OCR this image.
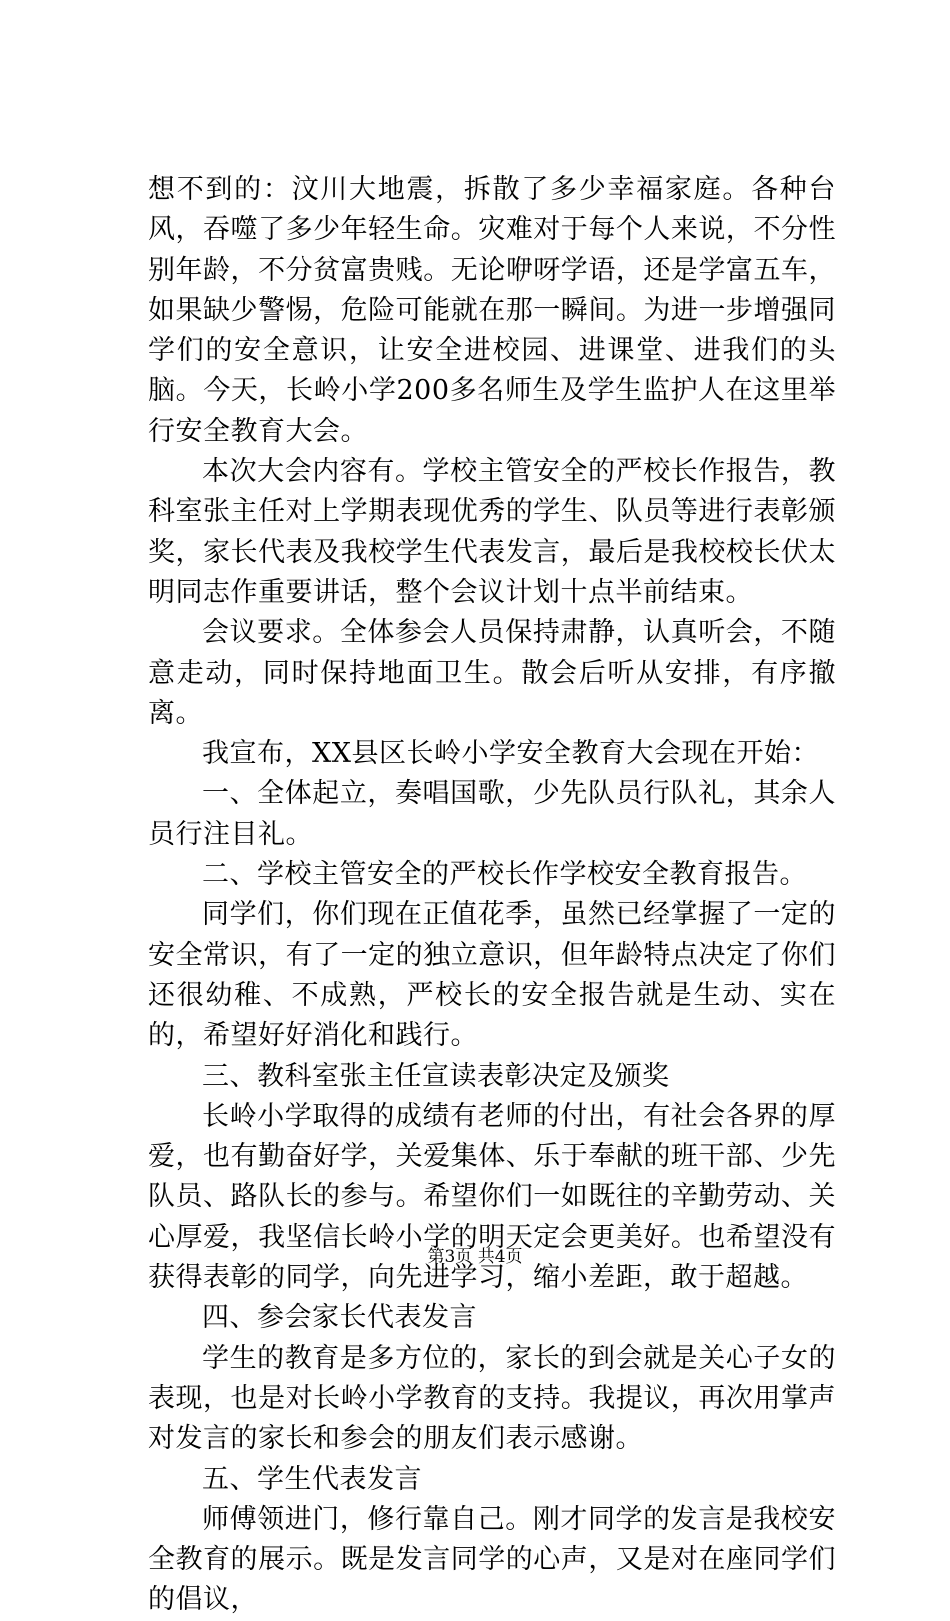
想不到的：汶川大地震，拆散了多少幸福家庭。各种台风，吞噬了多少年轻生命。灾难对于每个人来说，不分性别年龄，不分贫富贵贱。无论咿呀学语，还是学富五车，如果缺少警惕，危险可能就在那一瞬间。为进一步增强同学们的安全意识，让安全进校园、进课堂、进我们的头脑。今天，长岭小学200多名师生及学生监护人在这里举行安全教育大会。

本次大会内容有。学校主管安全的严校长作报告，教科室张主任对上学期表现优秀的学生、队员等进行表彰颁奖，家长代表及我校学生代表发言，最后是我校校长伏太明同志作重要讲话，整个会议计划十点半前结束。

会议要求。全体参会人员保持肃静，认真听会，不随意走动，同时保持地面卫生。散会后听从安排，有序撤离。

我宣布，XX县区长岭小学安全教育大会现在开始：

一、全体起立，奏唱国歌，少先队员行队礼，其余人员行注目礼。

二、学校主管安全的严校长作学校安全教育报告。

同学们，你们现在正值花季，虽然已经掌握了一定的安全常识，有了一定的独立意识，但年龄特点决定了你们还很幼稚、不成熟，严校长的安全报告就是生动、实在的，希望好好消化和践行。

三、教科室张主任宣读表彰决定及颁奖

长岭小学取得的成绩有老师的付出，有社会各界的厚爱，也有勤奋好学，关爱集体、乐于奉献的班干部、少先队员、路队长的参与。希望你们一如既往的辛勤劳动、关心厚爱，我坚信长岭小学的明天定会更美好。也希望没有获得表彰的同学，向先进学习，缩小差距，敢于超越。

四、参会家长代表发言

学生的教育是多方位的，家长的到会就是关心子女的表现，也是对长岭小学教育的支持。我提议，再次用掌声对发言的家长和参会的朋友们表示感谢。

五、学生代表发言

师傅领进门，修行靠自己。刚才同学的发言是我校安全教育的展示。既是发言同学的心声，又是对在座同学们的倡议，

第3页 共4页
